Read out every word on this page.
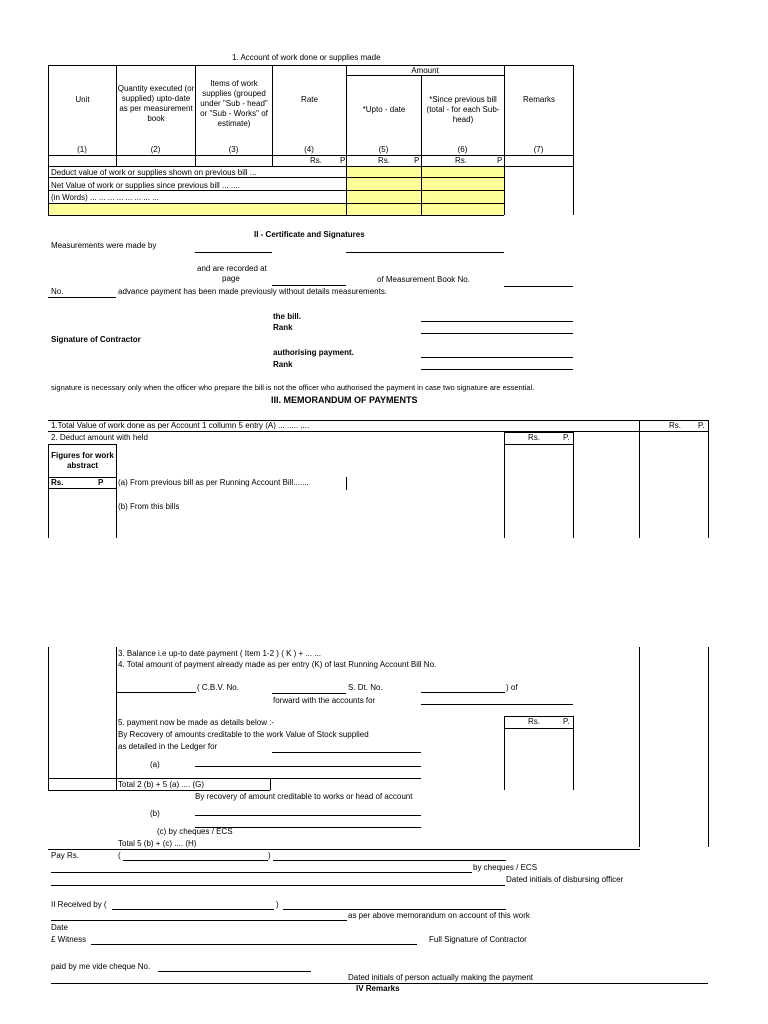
1. Account of work done or supplies made
Amount
Unit
Quantity executed (or supplied) upto-date as per measurement book
Items of work supplies (grouped under "Sub - head" or "Sub - Works" of estimate)
Rate
*Upto - date
*Since previous bill (total - for each Sub-head)
Remarks
(1)	(2)	(3)	(4)	(5)	(6)	(7)
Rs. P	Rs.	P	Rs.	P
Deduct value of work or supplies shown on previous bill ...
Net Value of work or supplies since previous bill ... ....
(in Words) ... ... ... ... ... ... ... ...
II - Certificate and Signatures
Measurements were made by
and are recorded at
page	of Measurement Book No.
No.	advance payment has been made previously without details measurements.
the bill.
Rank
Signature of Contractor
authorising payment.
Rank
signature is necessary only when the officer who prepare the bill is not the officer who authorised the payment in case two signature are essential.
III. MEMORANDUM OF PAYMENTS
1.Total Value of work done as per Account 1 collumn 5 entry (A) ... ..... ....	Rs. P.
2. Deduct amount with held	Rs.	P.
Figures for work abstract
Rs.	P (a) From previous bill as per Running Account Bill.......
(b) From this bills
3. Balance i.e up-to date payment ( Item 1-2 ) ( K ) + ... ...
4. Total amount of payment already made as per entry (K) of last Running Account Bill No.
( C.B.V. No.	S. Dt. No.	) of
forward with the accounts for
5. payment now be made as details below :-	Rs.	P.
By Recovery of amounts creditable to the work Value of Stock supplied
as detailed in the Ledger for
(a)
Total 2 (b) + 5 (a) .... (G)
By recovery of amount creditable to works or head of account
(b)
(c) by cheques / ECS
Total 5 (b) + (c) .... (H)
Pay Rs.	(	)
by cheques / ECS
Dated initials of disbursing officer
II Received by (	)
as per above memorandum on account of this work
Date
£ Witness	Full Signature of Contractor
paid by me vide cheque No.
Dated initials of person actually making the payment
IV Remarks
